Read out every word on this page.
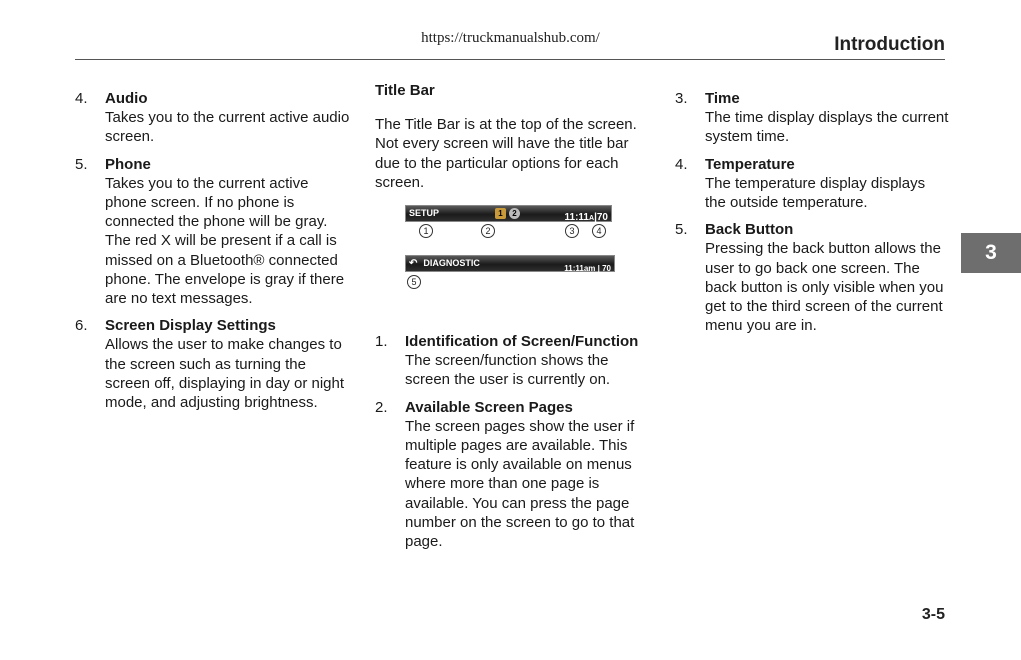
https://truckmanualshub.com/	Introduction
3
4. Audio
Takes you to the current active audio screen.
5. Phone
Takes you to the current active phone screen. If no phone is connected the phone will be gray. The red X will be present if a call is missed on a Bluetooth® connected phone. The envelope is gray if there are no text messages.
6. Screen Display Settings
Allows the user to make changes to the screen such as turning the screen off, displaying in day or night mode, and adjusting brightness.
Title Bar
The Title Bar is at the top of the screen. Not every screen will have the title bar due to the particular options for each screen.
SETUP	1	2	11:11A|70
1	2	3	4
↶ DIAGNOSTIC
11:11am | 70
5
1. Identification of Screen/Function
The screen/function shows the screen the user is currently on.
2. Available Screen Pages
The screen pages show the user if multiple pages are available. This feature is only available on menus where more than one page is available. You can press the page number on the screen to go to that page.
3. Time
The time display displays the current system time.
4. Temperature
The temperature display displays the outside temperature.
5. Back Button
Pressing the back button allows the user to go back one screen. The back button is only visible when you get to the third screen of the current menu you are in.
3-5
